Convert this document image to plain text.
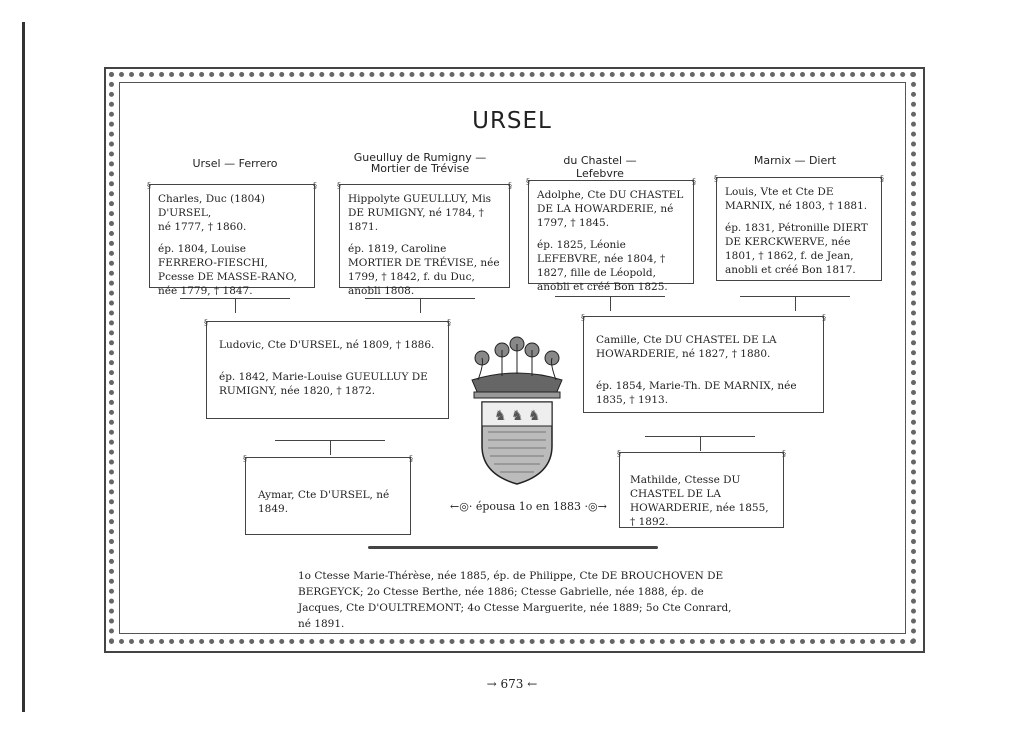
URSEL
Ursel — Ferrero	Gueulluy de Rumigny —
Mortier de Trévise
du Chastel — Lefebvre
Marnix — Diert

§ Charles, Duc (1804) D'URSEL,

né 1777, † 1860.

ép. 1804, Louise FERRERO-FIESCHI, Pcesse DE MASSE-RANO, née 1779, † 1847.

§

§ Hippolyte GUEULLUY, Mis DE RUMIGNY, né 1784, † 1871.

ép. 1819, Caroline MORTIER DE TRÉVISE, née 1799, † 1842, f. du Duc, anobli 1808.

§

§ Adolphe, Cte DU CHASTEL DE LA HOWARDERIE, né 1797, † 1845.

ép. 1825, Léonie LEFEBVRE, née 1804, † 1827, fille de Léopold, anobli et créé Bon 1825.

§

§ Louis, Vte et Cte DE MARNIX, né 1803, † 1881.

ép. 1831, Pétronille DIERT DE KERCKWERVE, née 1801, † 1862, f. de Jean, anobli et créé Bon 1817.

§

§ Ludovic, Cte D'URSEL, né 1809, † 1886.

ép. 1842, Marie-Louise GUEULLUY DE RUMIGNY, née 1820, † 1872.

§

§ Camille, Cte DU CHASTEL DE LA HOWARDERIE, né 1827, † 1880.

ép. 1854, Marie-Th. DE MARNIX, née 1835, † 1913.

§
♞ ♞ ♞

§ Aymar, Cte D'URSEL, né 1849.

§

§ Mathilde, Ctesse DU CHASTEL DE LA HOWARDERIE, née 1855, † 1892.

§
←◎· épousa 1o en 1883 ·◎→
1o Ctesse Marie-Thérèse, née 1885, ép. de Philippe, Cte DE BROUCHOVEN DE BERGEYCK; 2o Ctesse Berthe, née 1886; Ctesse Gabrielle, née 1888, ép. de Jacques, Cte D'OULTREMONT; 4o Ctesse Marguerite, née 1889; 5o Cte Conrard, né 1891.
→ 673 ←
